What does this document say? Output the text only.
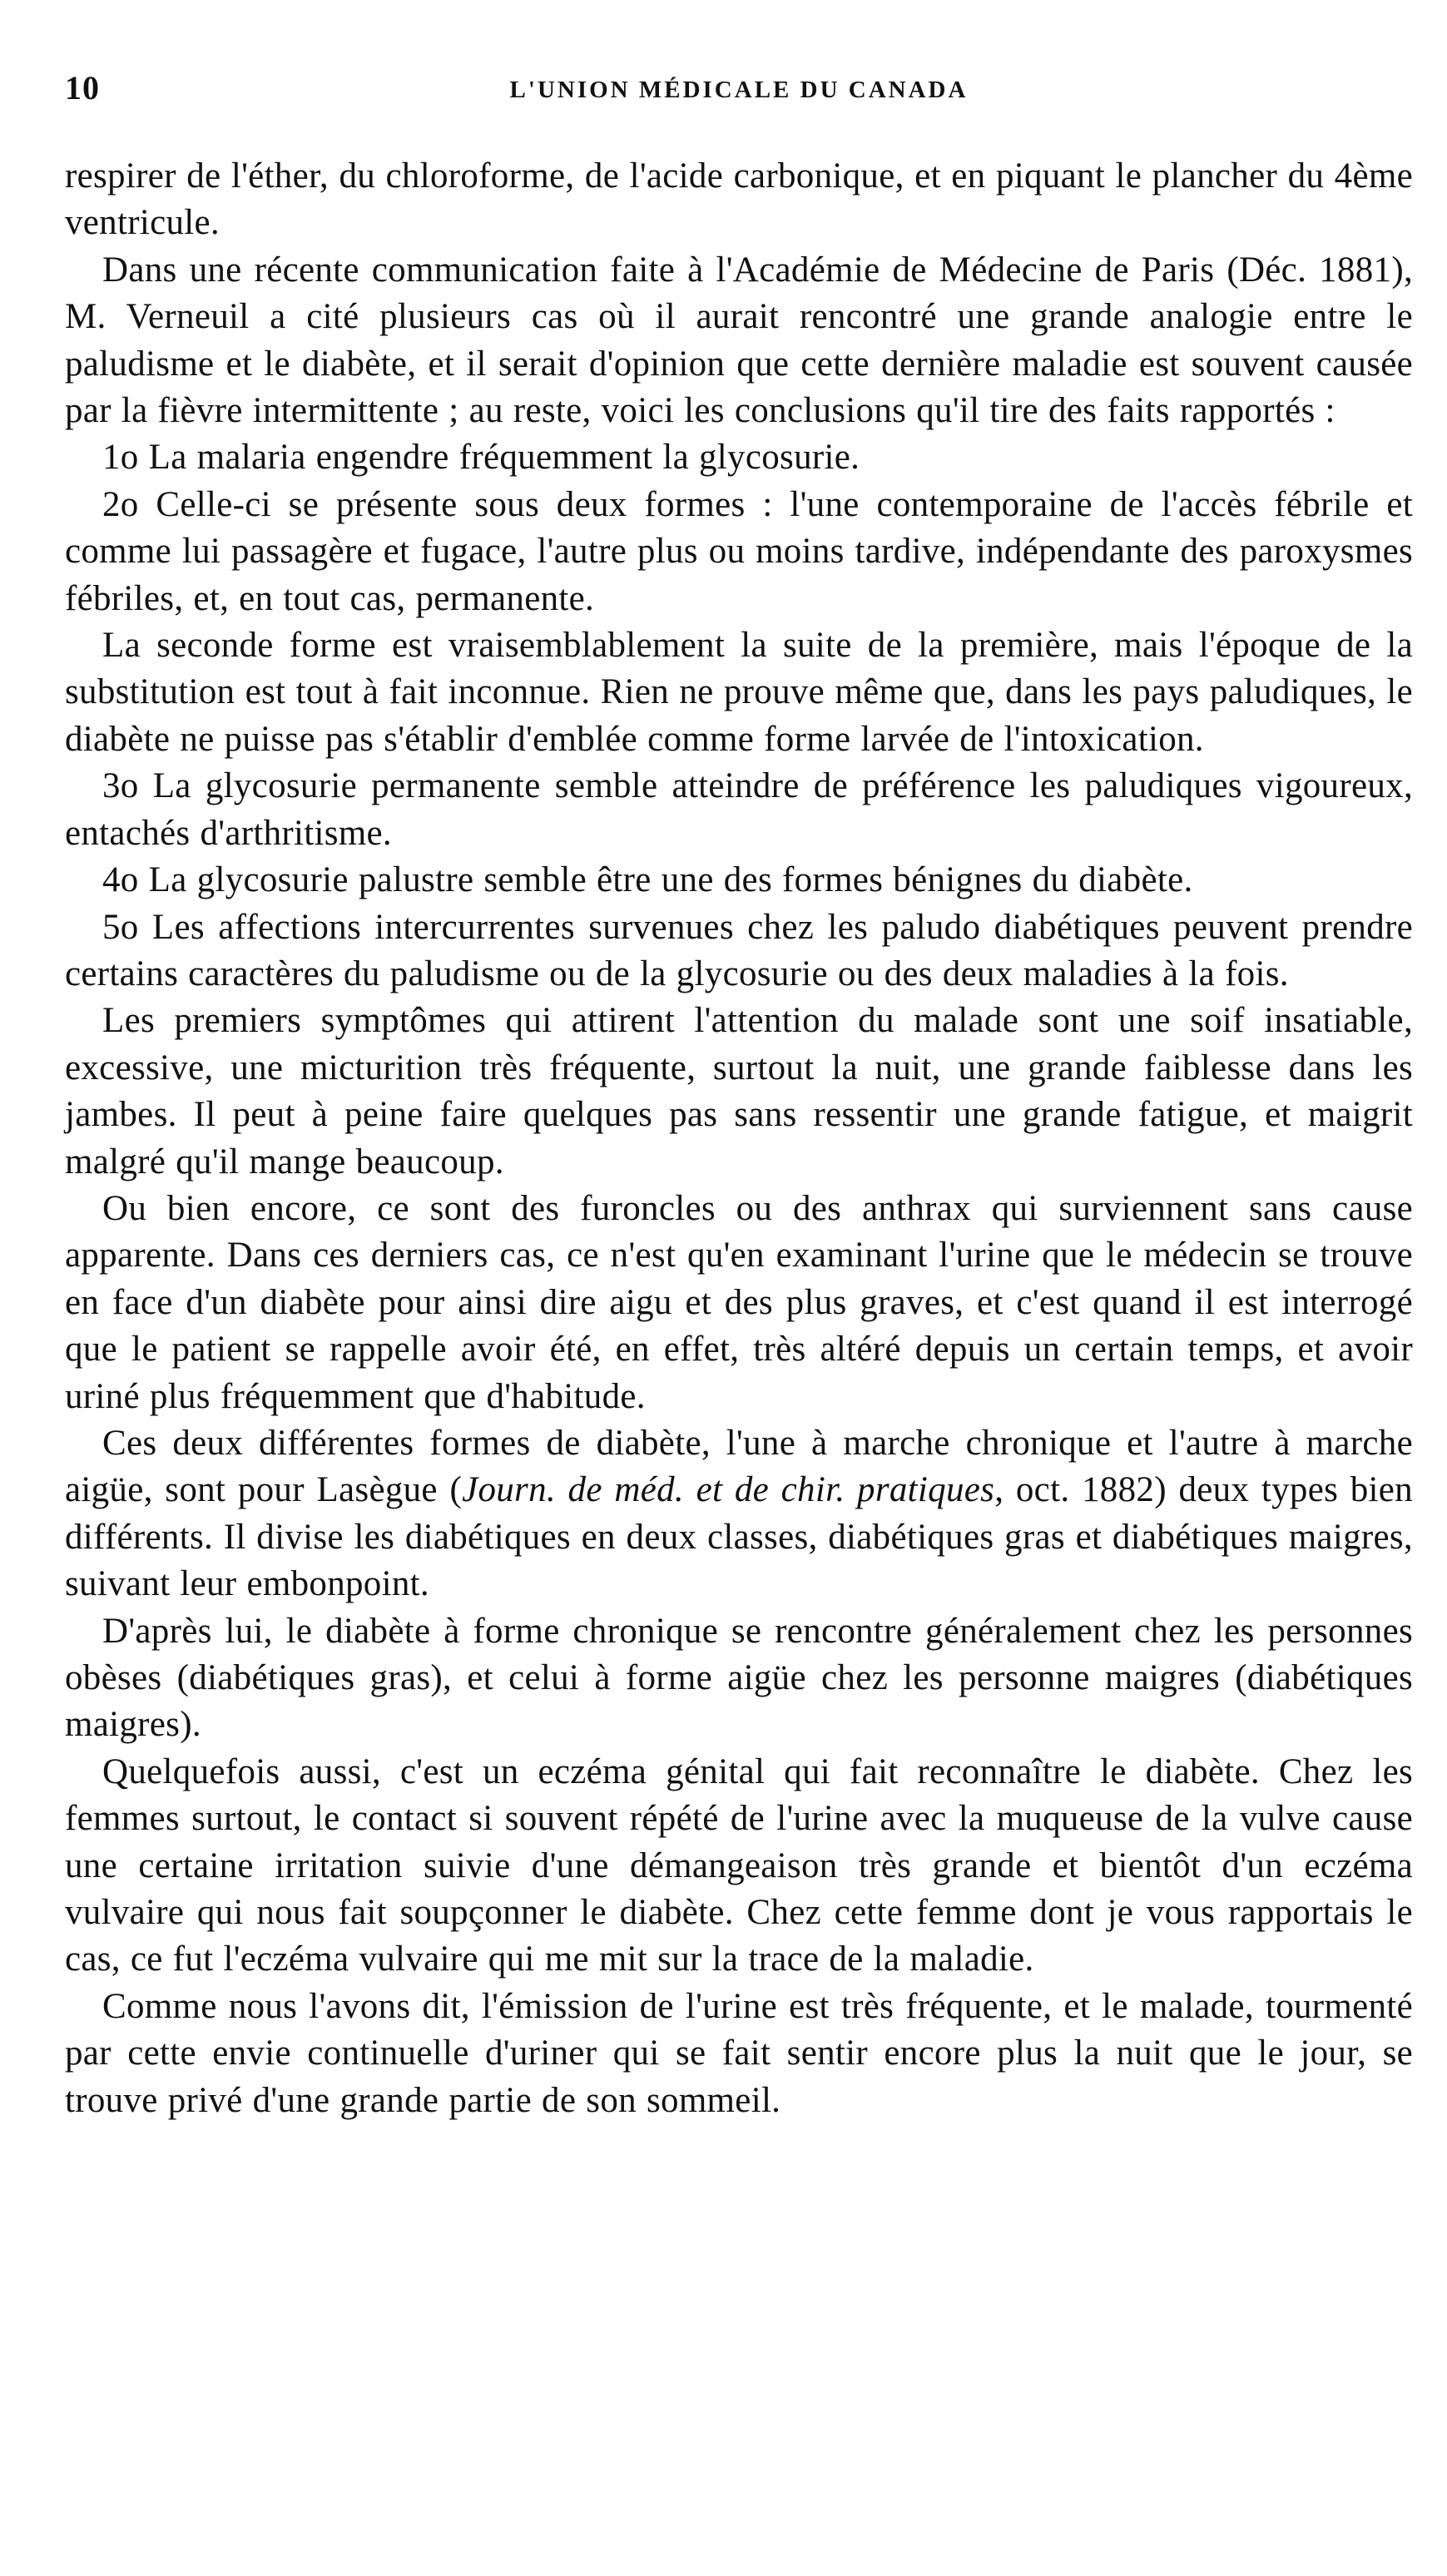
10	L'UNION MÉDICALE DU CANADA

respirer de l'éther, du chloroforme, de l'acide carbonique, et en piquant le plancher du 4ème ventricule.

Dans une récente communication faite à l'Académie de Médecine de Paris (Déc. 1881), M. Verneuil a cité plusieurs cas où il aurait rencontré une grande analogie entre le paludisme et le diabète, et il serait d'opinion que cette dernière maladie est souvent causée par la fièvre intermittente ; au reste, voici les conclusions qu'il tire des faits rapportés :

1o La malaria engendre fréquemment la glycosurie.

2o Celle-ci se présente sous deux formes : l'une contemporaine de l'accès fébrile et comme lui passagère et fugace, l'autre plus ou moins tardive, indépendante des paroxysmes fébriles, et, en tout cas, permanente.

La seconde forme est vraisemblablement la suite de la première, mais l'époque de la substitution est tout à fait inconnue. Rien ne prouve même que, dans les pays paludiques, le diabète ne puisse pas s'établir d'emblée comme forme larvée de l'intoxication.

3o La glycosurie permanente semble atteindre de préférence les paludiques vigoureux, entachés d'arthritisme.

4o La glycosurie palustre semble être une des formes bénignes du diabète.

5o Les affections intercurrentes survenues chez les paludo diabétiques peuvent prendre certains caractères du paludisme ou de la glycosurie ou des deux maladies à la fois.

Les premiers symptômes qui attirent l'attention du malade sont une soif insatiable, excessive, une micturition très fréquente, surtout la nuit, une grande faiblesse dans les jambes. Il peut à peine faire quelques pas sans ressentir une grande fatigue, et maigrit malgré qu'il mange beaucoup.

Ou bien encore, ce sont des furoncles ou des anthrax qui surviennent sans cause apparente. Dans ces derniers cas, ce n'est qu'en examinant l'urine que le médecin se trouve en face d'un diabète pour ainsi dire aigu et des plus graves, et c'est quand il est interrogé que le patient se rappelle avoir été, en effet, très altéré depuis un certain temps, et avoir uriné plus fréquemment que d'habitude.

Ces deux différentes formes de diabète, l'une à marche chronique et l'autre à marche aigüe, sont pour Lasègue (Journ. de méd. et de chir. pratiques, oct. 1882) deux types bien différents. Il divise les diabétiques en deux classes, diabétiques gras et diabétiques maigres, suivant leur embonpoint.

D'après lui, le diabète à forme chronique se rencontre généralement chez les personnes obèses (diabétiques gras), et celui à forme aigüe chez les personne maigres (diabétiques maigres).

Quelquefois aussi, c'est un eczéma génital qui fait reconnaître le diabète. Chez les femmes surtout, le contact si souvent répété de l'urine avec la muqueuse de la vulve cause une certaine irritation suivie d'une démangeaison très grande et bientôt d'un eczéma vulvaire qui nous fait soupçonner le diabète. Chez cette femme dont je vous rapportais le cas, ce fut l'eczéma vulvaire qui me mit sur la trace de la maladie.

Comme nous l'avons dit, l'émission de l'urine est très fréquente, et le malade, tourmenté par cette envie continuelle d'uriner qui se fait sentir encore plus la nuit que le jour, se trouve privé d'une grande partie de son sommeil.
